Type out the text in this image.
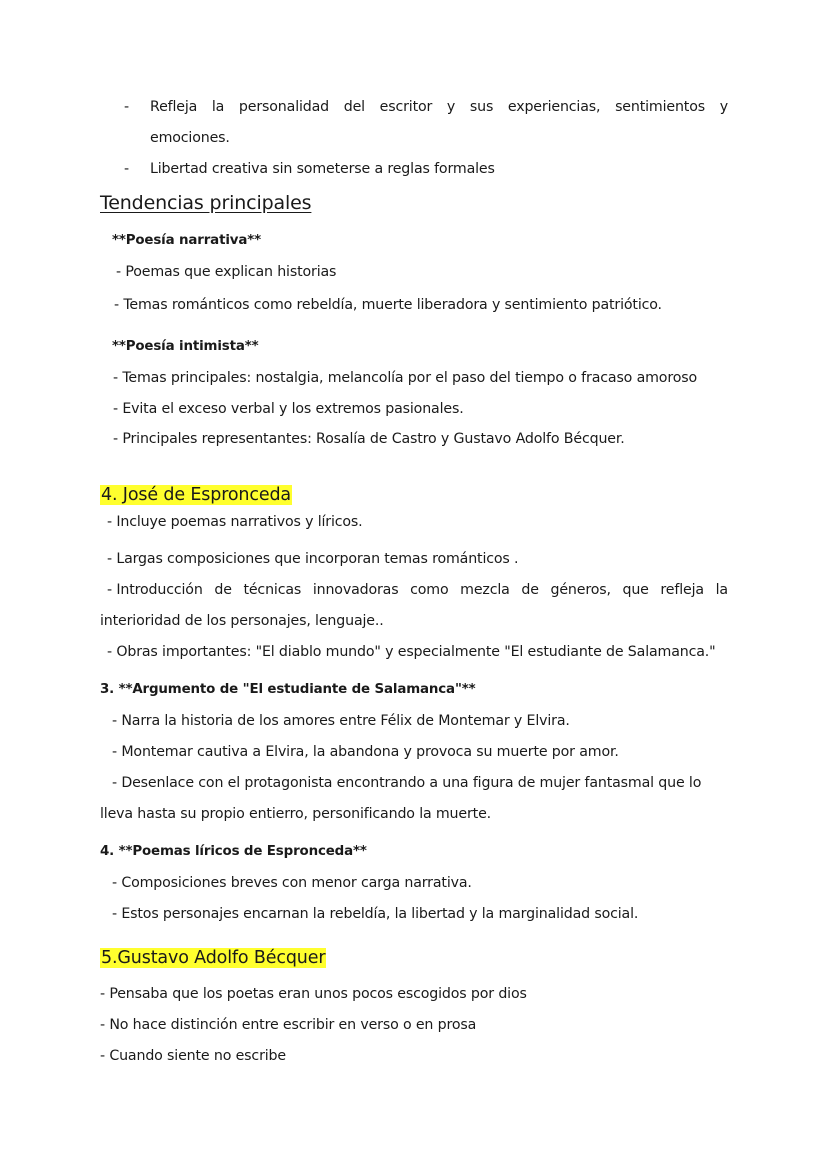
- Refleja la personalidad del escritor y sus experiencias, sentimientos y
emociones.
- Libertad creativa sin someterse a reglas formales
Tendencias principales
**Poesía narrativa**
- Poemas que explican historias
- Temas románticos como rebeldía, muerte liberadora y sentimiento patriótico.
**Poesía intimista**
- Temas principales: nostalgia, melancolía por el paso del tiempo o fracaso amoroso
- Evita el exceso verbal y los extremos pasionales.
- Principales representantes: Rosalía de Castro y Gustavo Adolfo Bécquer.
4. José de Espronceda
- Incluye poemas narrativos y líricos.
- Largas composiciones que incorporan temas románticos .
- Introducción de técnicas innovadoras como mezcla de géneros, que refleja la
interioridad de los personajes, lenguaje..
- Obras importantes: "El diablo mundo" y especialmente "El estudiante de Salamanca."
3. **Argumento de "El estudiante de Salamanca"**
- Narra la historia de los amores entre Félix de Montemar y Elvira.
- Montemar cautiva a Elvira, la abandona y provoca su muerte por amor.
- Desenlace con el protagonista encontrando a una figura de mujer fantasmal que lo
lleva hasta su propio entierro, personificando la muerte.
4. **Poemas líricos de Espronceda**
- Composiciones breves con menor carga narrativa.
- Estos personajes encarnan la rebeldía, la libertad y la marginalidad social.
5.Gustavo Adolfo Bécquer
- Pensaba que los poetas eran unos pocos escogidos por dios
- No hace distinción entre escribir en verso o en prosa
- Cuando siente no escribe
